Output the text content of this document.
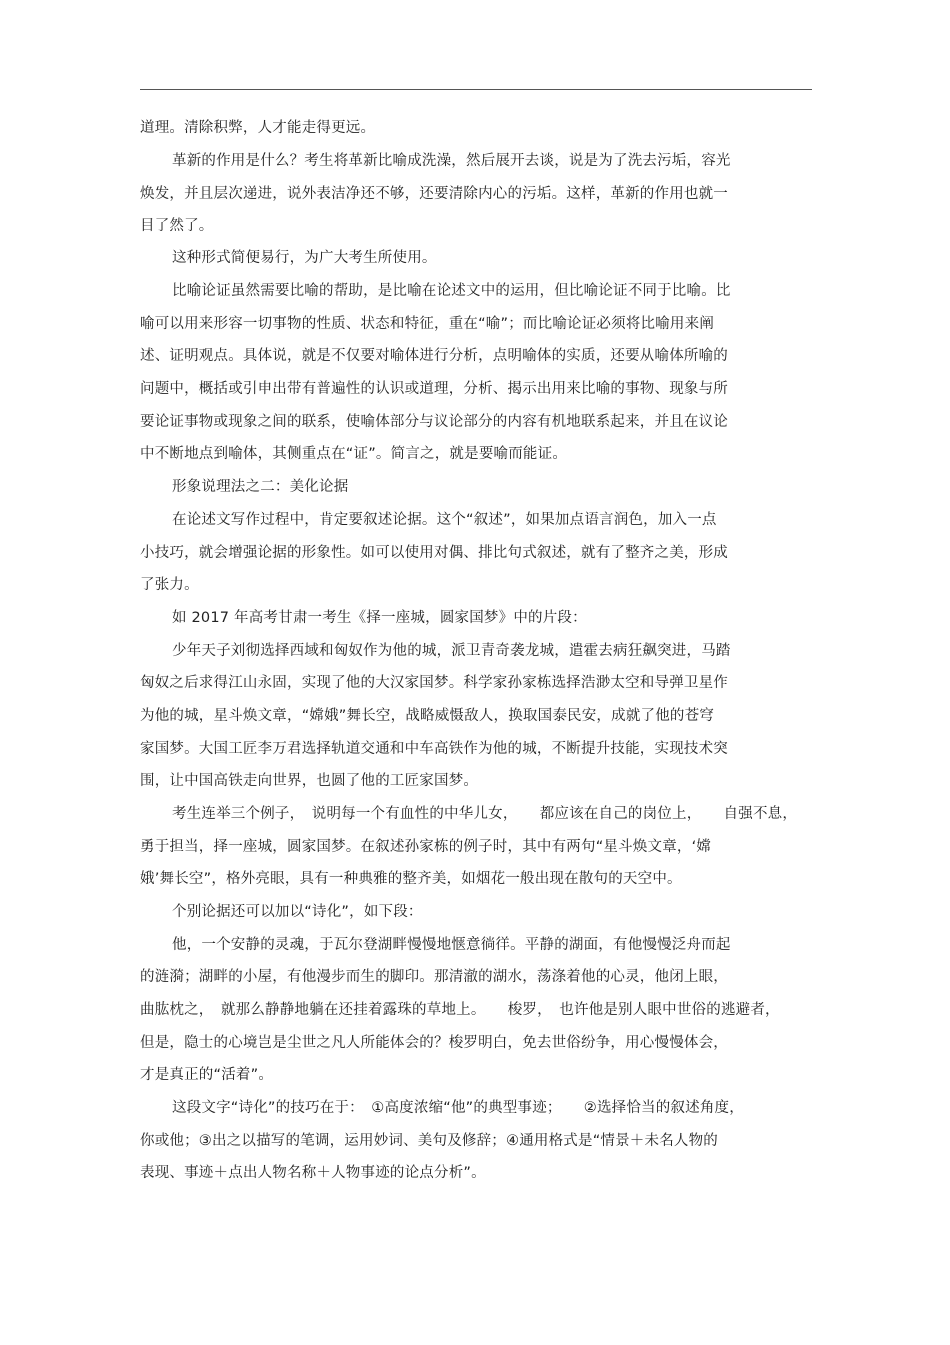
道理。清除积弊，人才能走得更远。
革新的作用是什么？考生将革新比喻成洗澡，然后展开去谈，说是为了洗去污垢，容光
焕发，并且层次递进，说外表洁净还不够，还要清除内心的污垢。这样，革新的作用也就一
目了然了。
这种形式简便易行，为广大考生所使用。
比喻论证虽然需要比喻的帮助，是比喻在论述文中的运用，但比喻论证不同于比喻。比
喻可以用来形容一切事物的性质、状态和特征，重在“喻”；而比喻论证必须将比喻用来阐
述、证明观点。具体说，就是不仅要对喻体进行分析，点明喻体的实质，还要从喻体所喻的
问题中，概括或引申出带有普遍性的认识或道理，分析、揭示出用来比喻的事物、现象与所
要论证事物或现象之间的联系，使喻体部分与议论部分的内容有机地联系起来，并且在议论
中不断地点到喻体，其侧重点在“证”。简言之，就是要喻而能证。
形象说理法之二：美化论据
在论述文写作过程中，肯定要叙述论据。这个“叙述”，如果加点语言润色，加入一点
小技巧，就会增强论据的形象性。如可以使用对偶、排比句式叙述，就有了整齐之美，形成
了张力。
如 2017 年高考甘肃一考生《择一座城，圆家国梦》中的片段：
少年天子刘彻选择西域和匈奴作为他的城，派卫青奇袭龙城，遣霍去病狂飙突进，马踏
匈奴之后求得江山永固，实现了他的大汉家国梦。科学家孙家栋选择浩渺太空和导弹卫星作
为他的城，星斗焕文章，“嫦娥”舞长空，战略威慑敌人，换取国泰民安，成就了他的苍穹
家国梦。大国工匠李万君选择轨道交通和中车高铁作为他的城，不断提升技能，实现技术突
围，让中国高铁走向世界，也圆了他的工匠家国梦。
考生连举三个例子，　说明每一个有血性的中华儿女，　　都应该在自己的岗位上，　　自强不息，
勇于担当，择一座城，圆家国梦。在叙述孙家栋的例子时，其中有两句“星斗焕文章，‘嫦
娥’舞长空”，格外亮眼，具有一种典雅的整齐美，如烟花一般出现在散句的天空中。
个别论据还可以加以“诗化”，如下段：
他，一个安静的灵魂，于瓦尔登湖畔慢慢地惬意徜徉。平静的湖面，有他慢慢泛舟而起
的涟漪；湖畔的小屋，有他漫步而生的脚印。那清澈的湖水，荡涤着他的心灵，他闭上眼，
曲肱枕之，　就那么静静地躺在还挂着露珠的草地上。　　梭罗，　也许他是别人眼中世俗的逃避者，
但是，隐士的心境岂是尘世之凡人所能体会的？梭罗明白，免去世俗纷争，用心慢慢体会，
才是真正的“活着”。
这段文字“诗化”的技巧在于：　①高度浓缩“他”的典型事迹；　　②选择恰当的叙述角度，
你或他；③出之以描写的笔调，运用妙词、美句及修辞；④通用格式是“情景＋未名人物的
表现、事迹＋点出人物名称＋人物事迹的论点分析”。
